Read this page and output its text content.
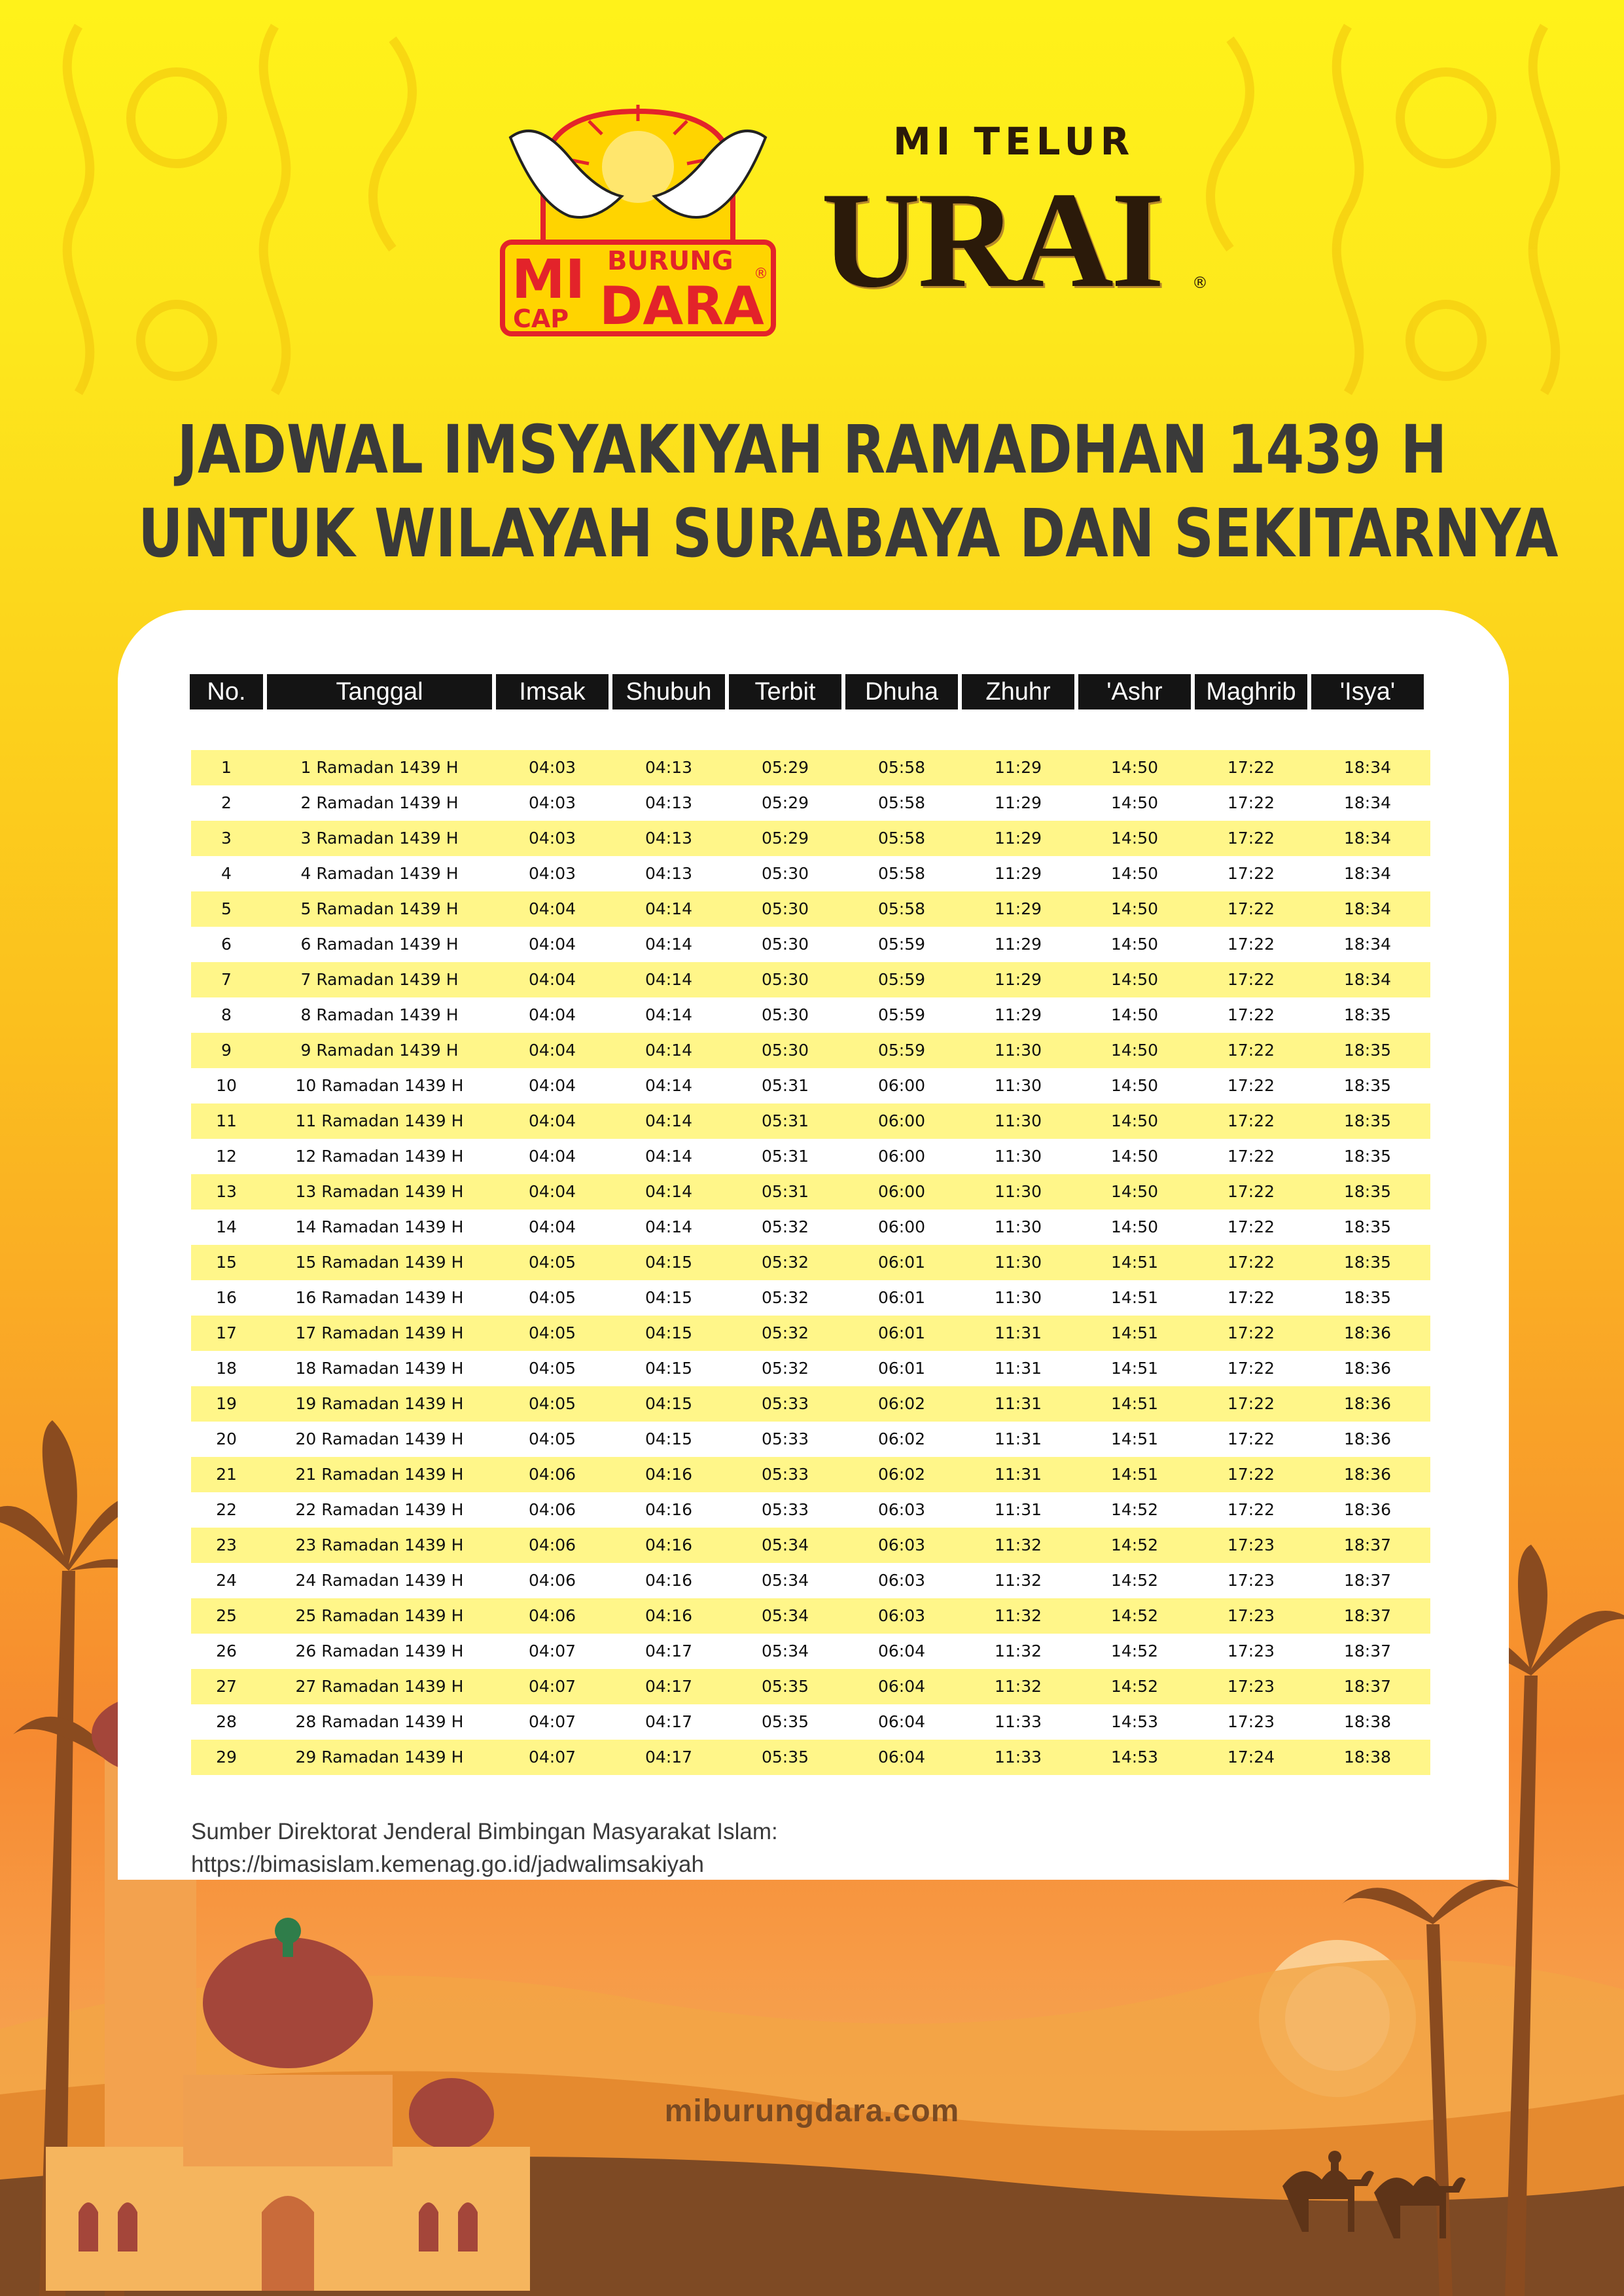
MI
CAP
BURUNG
DARA
®
MI TELUR
URAI ®
JADWAL IMSYAKIYAH RAMADHAN 1439 H
UNTUK WILAYAH SURABAYA DAN SEKITARNYA
No.	Tanggal	Imsak	Shubuh	Terbit	Dhuha	Zhuhr	'Ashr	Maghrib	'Isya'
1	1 Ramadan 1439 H	04:03	04:13	05:29	05:58	11:29	14:50	17:22	18:34
2	2 Ramadan 1439 H	04:03	04:13	05:29	05:58	11:29	14:50	17:22	18:34
3	3 Ramadan 1439 H	04:03	04:13	05:29	05:58	11:29	14:50	17:22	18:34
4	4 Ramadan 1439 H	04:03	04:13	05:30	05:58	11:29	14:50	17:22	18:34
5	5 Ramadan 1439 H	04:04	04:14	05:30	05:58	11:29	14:50	17:22	18:34
6	6 Ramadan 1439 H	04:04	04:14	05:30	05:59	11:29	14:50	17:22	18:34
7	7 Ramadan 1439 H	04:04	04:14	05:30	05:59	11:29	14:50	17:22	18:34
8	8 Ramadan 1439 H	04:04	04:14	05:30	05:59	11:29	14:50	17:22	18:35
9	9 Ramadan 1439 H	04:04	04:14	05:30	05:59	11:30	14:50	17:22	18:35
10	10 Ramadan 1439 H	04:04	04:14	05:31	06:00	11:30	14:50	17:22	18:35
11	11 Ramadan 1439 H	04:04	04:14	05:31	06:00	11:30	14:50	17:22	18:35
12	12 Ramadan 1439 H	04:04	04:14	05:31	06:00	11:30	14:50	17:22	18:35
13	13 Ramadan 1439 H	04:04	04:14	05:31	06:00	11:30	14:50	17:22	18:35
14	14 Ramadan 1439 H	04:04	04:14	05:32	06:00	11:30	14:50	17:22	18:35
15	15 Ramadan 1439 H	04:05	04:15	05:32	06:01	11:30	14:51	17:22	18:35
16	16 Ramadan 1439 H	04:05	04:15	05:32	06:01	11:30	14:51	17:22	18:35
17	17 Ramadan 1439 H	04:05	04:15	05:32	06:01	11:31	14:51	17:22	18:36
18	18 Ramadan 1439 H	04:05	04:15	05:32	06:01	11:31	14:51	17:22	18:36
19	19 Ramadan 1439 H	04:05	04:15	05:33	06:02	11:31	14:51	17:22	18:36
20	20 Ramadan 1439 H	04:05	04:15	05:33	06:02	11:31	14:51	17:22	18:36
21	21 Ramadan 1439 H	04:06	04:16	05:33	06:02	11:31	14:51	17:22	18:36
22	22 Ramadan 1439 H	04:06	04:16	05:33	06:03	11:31	14:52	17:22	18:36
23	23 Ramadan 1439 H	04:06	04:16	05:34	06:03	11:32	14:52	17:23	18:37
24	24 Ramadan 1439 H	04:06	04:16	05:34	06:03	11:32	14:52	17:23	18:37
25	25 Ramadan 1439 H	04:06	04:16	05:34	06:03	11:32	14:52	17:23	18:37
26	26 Ramadan 1439 H	04:07	04:17	05:34	06:04	11:32	14:52	17:23	18:37
27	27 Ramadan 1439 H	04:07	04:17	05:35	06:04	11:32	14:52	17:23	18:37
28	28 Ramadan 1439 H	04:07	04:17	05:35	06:04	11:33	14:53	17:23	18:38
29	29 Ramadan 1439 H	04:07	04:17	05:35	06:04	11:33	14:53	17:24	18:38
Sumber Direktorat Jenderal Bimbingan Masyarakat Islam:
https://bimasislam.kemenag.go.id/jadwalimsakiyah
miburungdara.com
